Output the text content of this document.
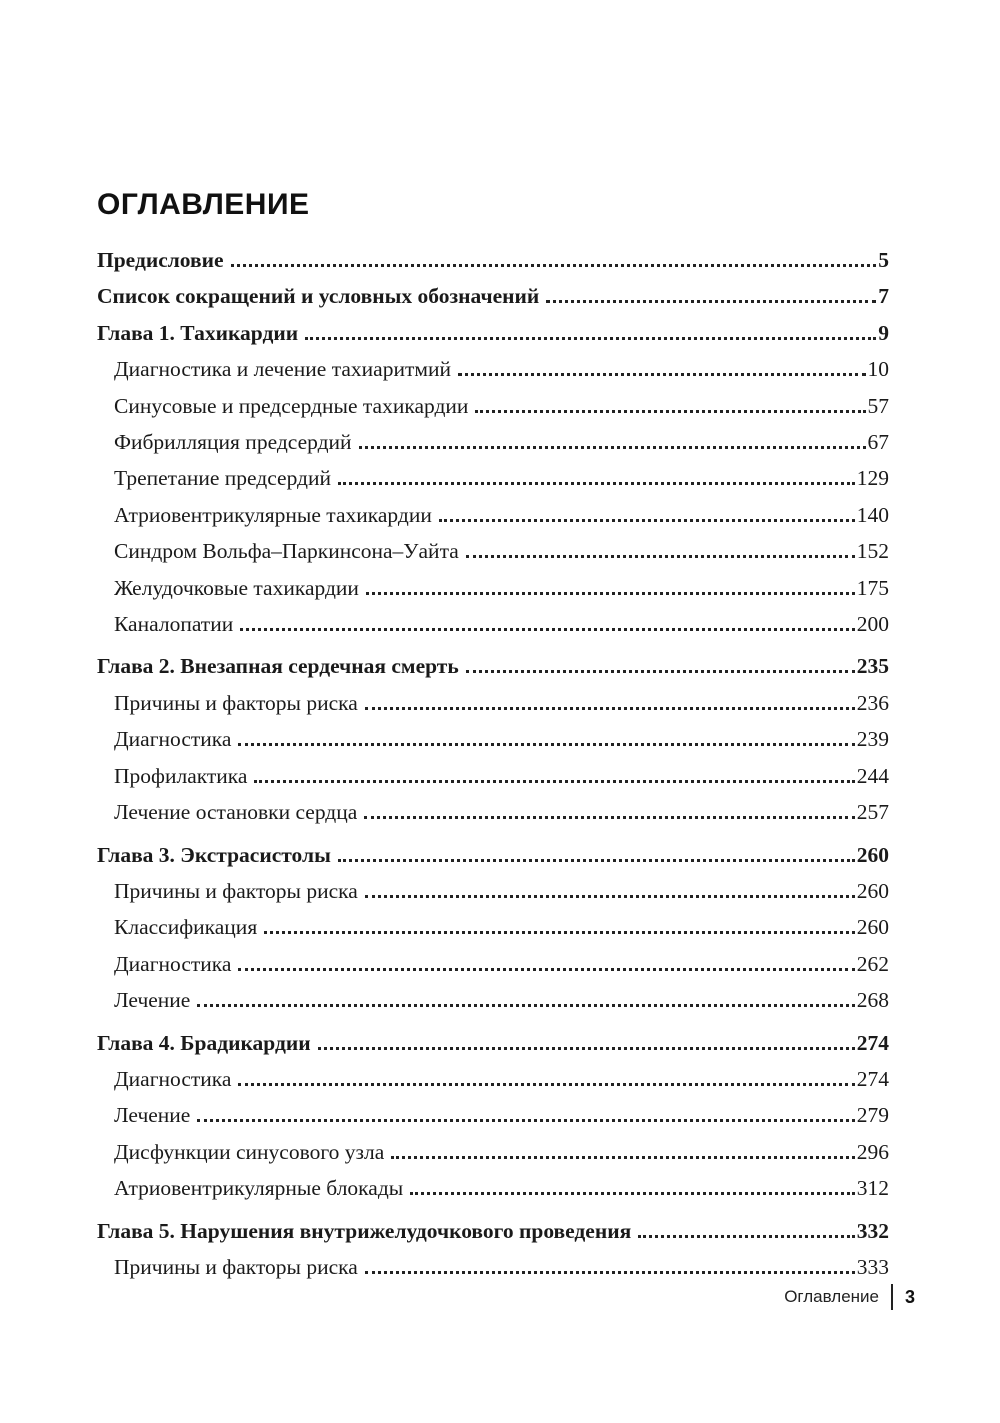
ОГЛАВЛЕНИЕ
Предисловие	5
Список сокращений и условных обозначений	7
Глава 1. Тахикардии	9
Диагностика и лечение тахиаритмий	10
Синусовые и предсердные тахикардии	57
Фибрилляция предсердий	67
Трепетание предсердий	129
Атриовентрикулярные тахикардии	140
Синдром Вольфа–Паркинсона–Уайта	152
Желудочковые тахикардии	175
Каналопатии	200
Глава 2. Внезапная сердечная смерть	235
Причины и факторы риска	236
Диагностика	239
Профилактика	244
Лечение остановки сердца	257
Глава 3. Экстрасистолы	260
Причины и факторы риска	260
Классификация	260
Диагностика	262
Лечение	268
Глава 4. Брадикардии	274
Диагностика	274
Лечение	279
Дисфункции синусового узла	296
Атриовентрикулярные блокады	312
Глава 5. Нарушения внутрижелудочкового проведения	332
Причины и факторы риска	333
Оглавление 3
